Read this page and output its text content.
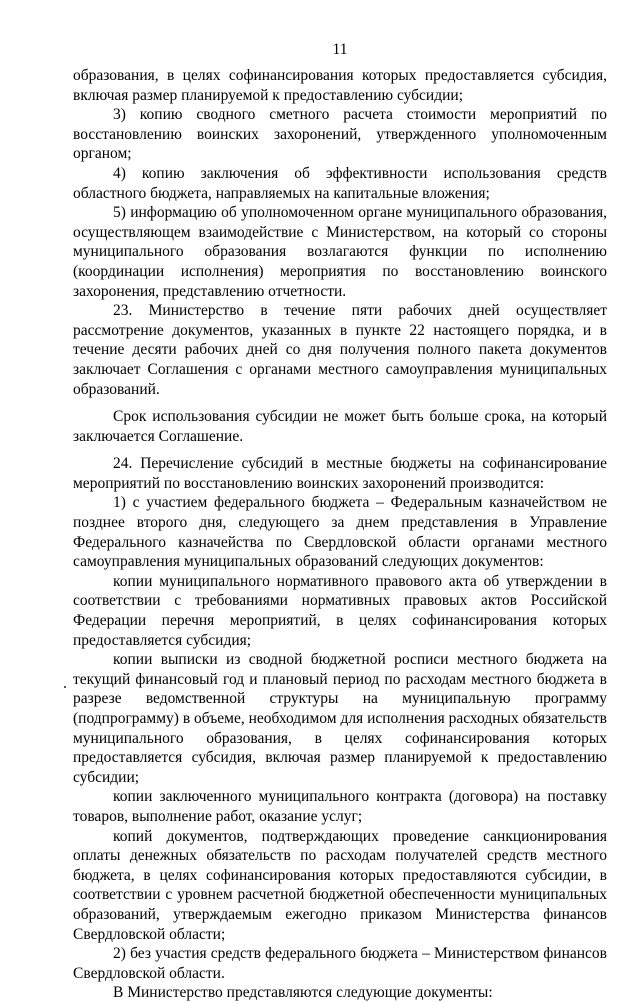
11

образования, в целях софинансирования которых предоставляется субсидия, включая размер планируемой к предоставлению субсидии;

3) копию сводного сметного расчета стоимости мероприятий по восстановлению воинских захоронений, утвержденного уполномоченным органом;

4) копию заключения об эффективности использования средств областного бюджета, направляемых на капитальные вложения;

5) информацию об уполномоченном органе муниципального образования, осуществляющем взаимодействие с Министерством, на который со стороны муниципального образования возлагаются функции по исполнению (координации исполнения) мероприятия по восстановлению воинского захоронения, представлению отчетности.

23. Министерство в течение пяти рабочих дней осуществляет рассмотрение документов, указанных в пункте 22 настоящего порядка, и в течение десяти рабочих дней со дня получения полного пакета документов заключает Соглашения с органами местного самоуправления муниципальных образований.

Срок использования субсидии не может быть больше срока, на который заключается Соглашение.

24. Перечисление субсидий в местные бюджеты на софинансирование мероприятий по восстановлению воинских захоронений производится:

1) с участием федерального бюджета – Федеральным казначейством не позднее второго дня, следующего за днем представления в Управление Федерального казначейства по Свердловской области органами местного самоуправления муниципальных образований следующих документов:

копии муниципального нормативного правового акта об утверждении в соответствии с требованиями нормативных правовых актов Российской Федерации перечня мероприятий, в целях софинансирования которых предоставляется субсидия;

копии выписки из сводной бюджетной росписи местного бюджета на текущий финансовый год и плановый период по расходам местного бюджета в разрезе ведомственной структуры на муниципальную программу (подпрограмму) в объеме, необходимом для исполнения расходных обязательств муниципального образования, в целях софинансирования которых предоставляется субсидия, включая размер планируемой к предоставлению субсидии;

копии заключенного муниципального контракта (договора) на поставку товаров, выполнение работ, оказание услуг;

копий документов, подтверждающих проведение санкционирования оплаты денежных обязательств по расходам получателей средств местного бюджета, в целях софинансирования которых предоставляются субсидии, в соответствии с уровнем расчетной бюджетной обеспеченности муниципальных образований, утверждаемым ежегодно приказом Министерства финансов Свердловской области;

2) без участия средств федерального бюджета – Министерством финансов Свердловской области.

В Министерство представляются следующие документы:
